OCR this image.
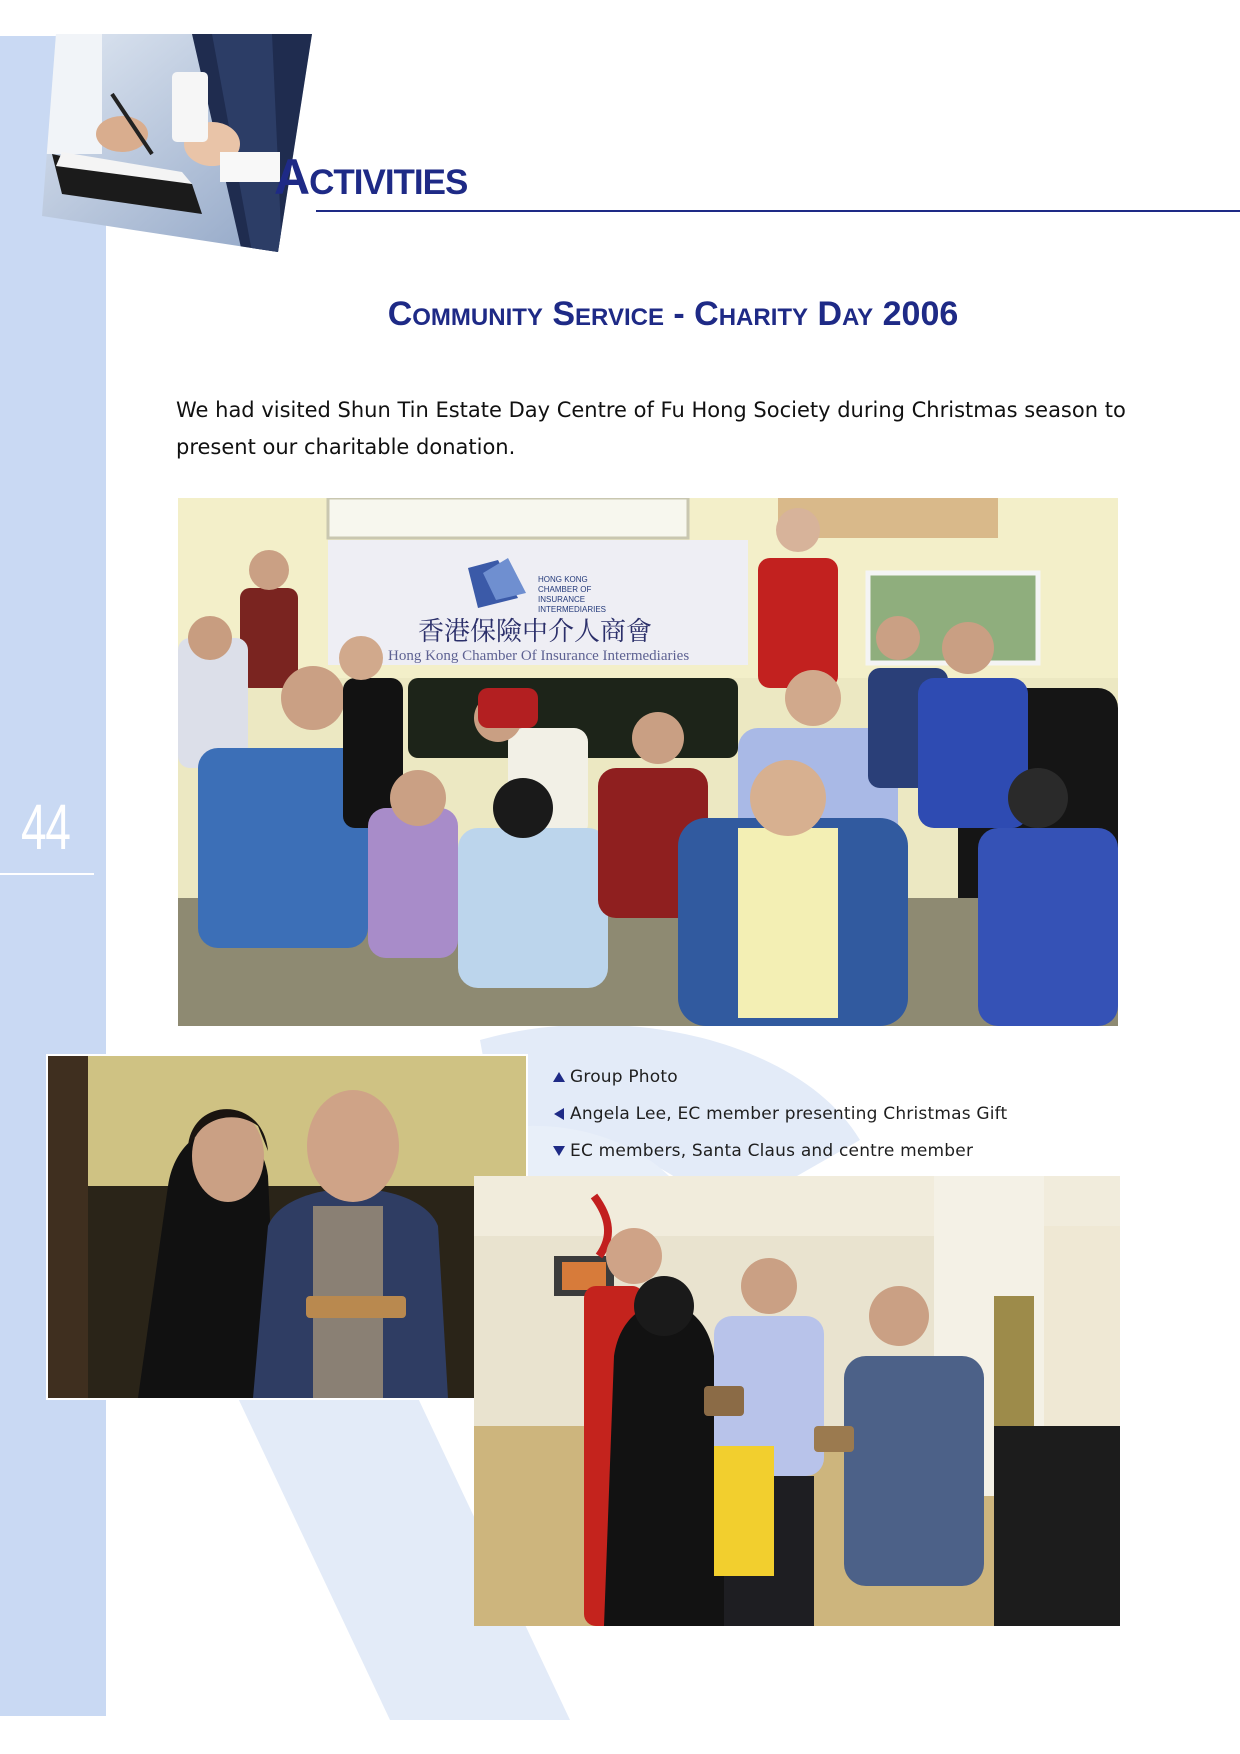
44
Activities
Community Service - Charity Day 2006

We had visited Shun Tin Estate Day Centre of Fu Hong Society during Christmas season to present our charitable donation.

HONG KONG
CHAMBER OF
INSURANCE
INTERMEDIARIES
香港保險中介人商會
Hong Kong Chamber Of Insurance Intermediaries
Group Photo
Angela Lee, EC member presenting Christmas Gift
EC members, Santa Claus and centre member
